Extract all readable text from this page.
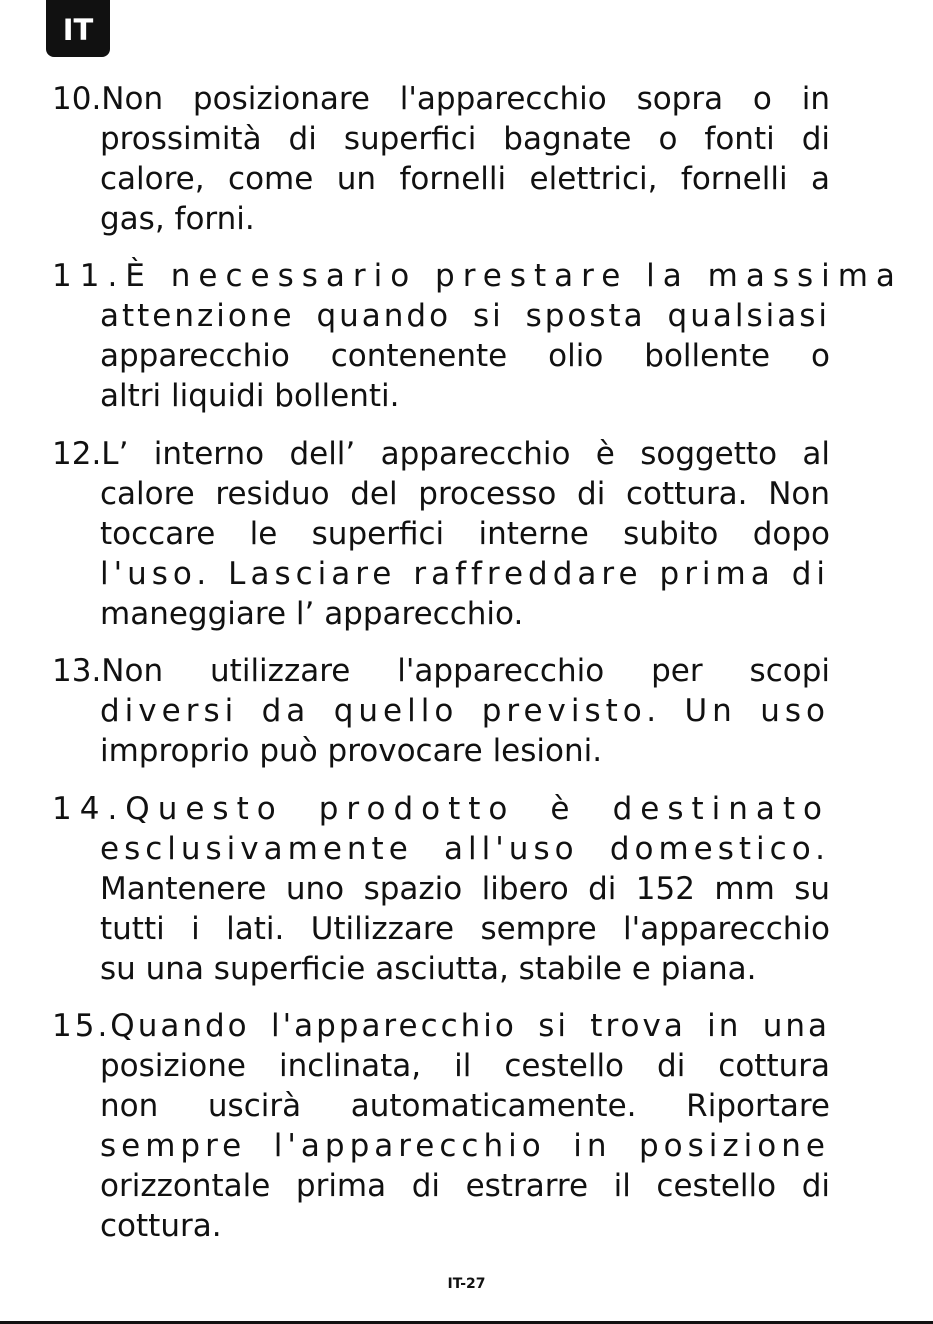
IT
10.Non posizionare l'apparecchio sopra o in
prossimità di superfici bagnate o fonti di
calore, come un fornelli elettrici, fornelli a
gas, forni.
11.È necessario prestare la massima
attenzione quando si sposta qualsiasi
apparecchio contenente olio bollente o
altri liquidi bollenti.
12.L’ interno dell’ apparecchio è soggetto al
calore residuo del processo di cottura. Non
toccare le superfici interne subito dopo
l'uso. Lasciare raffreddare prima di
maneggiare l’ apparecchio.
13.Non utilizzare l'apparecchio per scopi
diversi da quello previsto. Un uso
improprio può provocare lesioni.
14.Questo prodotto è destinato
esclusivamente all'uso domestico.
Mantenere uno spazio libero di 152 mm su
tutti i lati. Utilizzare sempre l'apparecchio
su una superficie asciutta, stabile e piana.
15.Quando l'apparecchio si trova in una
posizione inclinata, il cestello di cottura
non uscirà automaticamente. Riportare
sempre l'apparecchio in posizione
orizzontale prima di estrarre il cestello di
cottura.
IT-27
